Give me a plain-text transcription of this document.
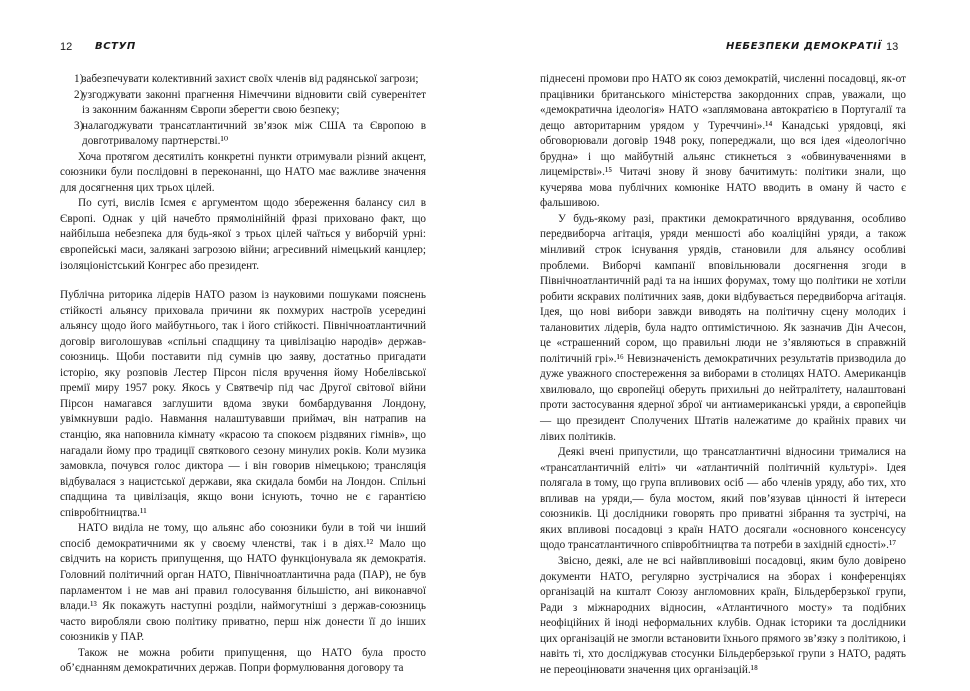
12 ВСТУП
1)
забезпечувати колективний захист своїх членів від радянської загрози;
2)
узгоджувати законні прагнення Німеччини відновити свій суверенітет із законним бажанням Європи зберегти свою безпеку;
3)
налагоджувати трансатлантичний зв’язок між США та Європою в довготривалому партнерстві.¹⁰

Хоча протягом десятиліть конкретні пункти отримували різний акцент, союзники були послідовні в переконанні, що НАТО має важливе значення для досягнення цих трьох цілей.

По суті, вислів Ісмея є аргументом щодо збереження балансу сил в Європі. Однак у цій начебто прямолінійній фразі приховано факт, що найбільша небезпека для будь-якої з трьох цілей чаїться у виборчій урні: європейські маси, залякані загрозою війни; агресивний німецький канцлер; ізоляціоністський Конгрес або президент.

Публічна риторика лідерів НАТО разом із науковими пошуками пояснень стійкості альянсу приховала причини як похмурих настроїв усередині альянсу щодо його майбутнього, так і його стійкості. Північноатлантичний договір виголошував «спільні спадщину та цивілізацію народів» держав-союзниць. Щоби поставити під сумнів цю заяву, достатньо пригадати історію, яку розповів Лестер Пірсон після вручення йому Нобелівської премії миру 1957 року. Якось у Святвечір під час Другої світової війни Пірсон намагався заглушити вдома звуки бомбардування Лондону, увімкнувши радіо. Навмання налаштувавши приймач, він натрапив на станцію, яка наповнила кімнату «красою та спокоєм різдвяних гімнів», що нагадали йому про традиції святкового сезону минулих років. Коли музика замовкла, почувся голос диктора — і він говорив німецькою; трансляція відбувалася з нацистської держави, яка скидала бомби на Лондон. Спільні спадщина та цивілізація, якщо вони існують, точно не є гарантією співробітництва.¹¹

НАТО виділа не тому, що альянс або союзники були в той чи інший спосіб демократичними як у своєму членстві, так і в діях.¹² Мало що свідчить на користь припущення, що НАТО функціонувала як демократія. Головний політичний орган НАТО, Північноатлантична рада (ПАР), не був парламентом і не мав ані правил голосування більшістю, ані виконавчої влади.¹³ Як покажуть наступні розділи, наймогутніші з держав-союзниць часто виробляли свою політику приватно, перш ніж донести її до інших союзників у ПАР.

Також не можна робити припущення, що НАТО була просто об’єднанням демократичних держав. Попри формулювання договору та

НЕБЕЗПЕКИ ДЕМОКРАТІЇ 13

піднесені промови про НАТО як союз демократій, численні посадовці, як-от працівники британського міністерства закордонних справ, уважали, що «демократична ідеологія» НАТО «заплямована автократією в Португалії та дещо авторитарним урядом у Туреччині».¹⁴ Канадські урядовці, які обговорювали договір 1948 року, попереджали, що вся ідея «ідеологічно брудна» і що майбутній альянс стикнеться з «обвинуваченнями в лицемірстві».¹⁵ Читачі знову й знову бачитимуть: політики знали, що кучерява мова публічних комюніке НАТО вводить в оману й часто є фальшивою.

У будь-якому разі, практики демократичного врядування, особливо передвиборча агітація, уряди меншості або коаліційні уряди, а також мінливий строк існування урядів, становили для альянсу особливі проблеми. Виборчі кампанії вповільнювали досягнення згоди в Північноатлантичній раді та на інших форумах, тому що політики не хотіли робити яскравих політичних заяв, доки відбувається передвиборча агітація. Ідея, що нові вибори завжди виводять на політичну сцену молодих і талановитих лідерів, була надто оптимістичною. Як зазначив Дін Ачесон, це «страшенний сором, що правильні люди не з’являються в справжній політичній грі».¹⁶ Невизначеність демократичних результатів призводила до дуже уважного спостереження за виборами в столицях НАТО. Американців хвилювало, що європейці оберуть прихильні до нейтралітету, налаштовані проти застосування ядерної зброї чи антиамериканські уряди, а європейців — що президент Сполучених Штатів належатиме до крайніх правих чи лівих політиків.

Деякі вчені припустили, що трансатлантичні відносини трималися на «трансатлантичній еліті» чи «атлантичній політичній культурі». Ідея полягала в тому, що група впливових осіб — або членів уряду, або тих, хто впливав на уряди,— була мостом, який пов’язував цінності й інтереси союзників. Ці дослідники говорять про приватні зібрання та зустрічі, на яких впливові посадовці з країн НАТО досягали «основного консенсусу щодо трансатлантичного співробітництва та потреби в західній єдності».¹⁷

Звісно, деякі, але не всі найвпливовіші посадовці, яким було довірено документи НАТО, регулярно зустрічалися на зборах і конференціях організацій на кшталт Союзу англомовних країн, Більдерберзької групи, Ради з міжнародних відносин, «Атлантичного мосту» та подібних неофіційних й іноді неформальних клубів. Однак історики та дослідники цих організацій не змогли встановити їхнього прямого зв’язку з політикою, і навіть ті, хто досліджував стосунки Більдерберзької групи з НАТО, радять не переоцінювати значення цих організацій.¹⁸
